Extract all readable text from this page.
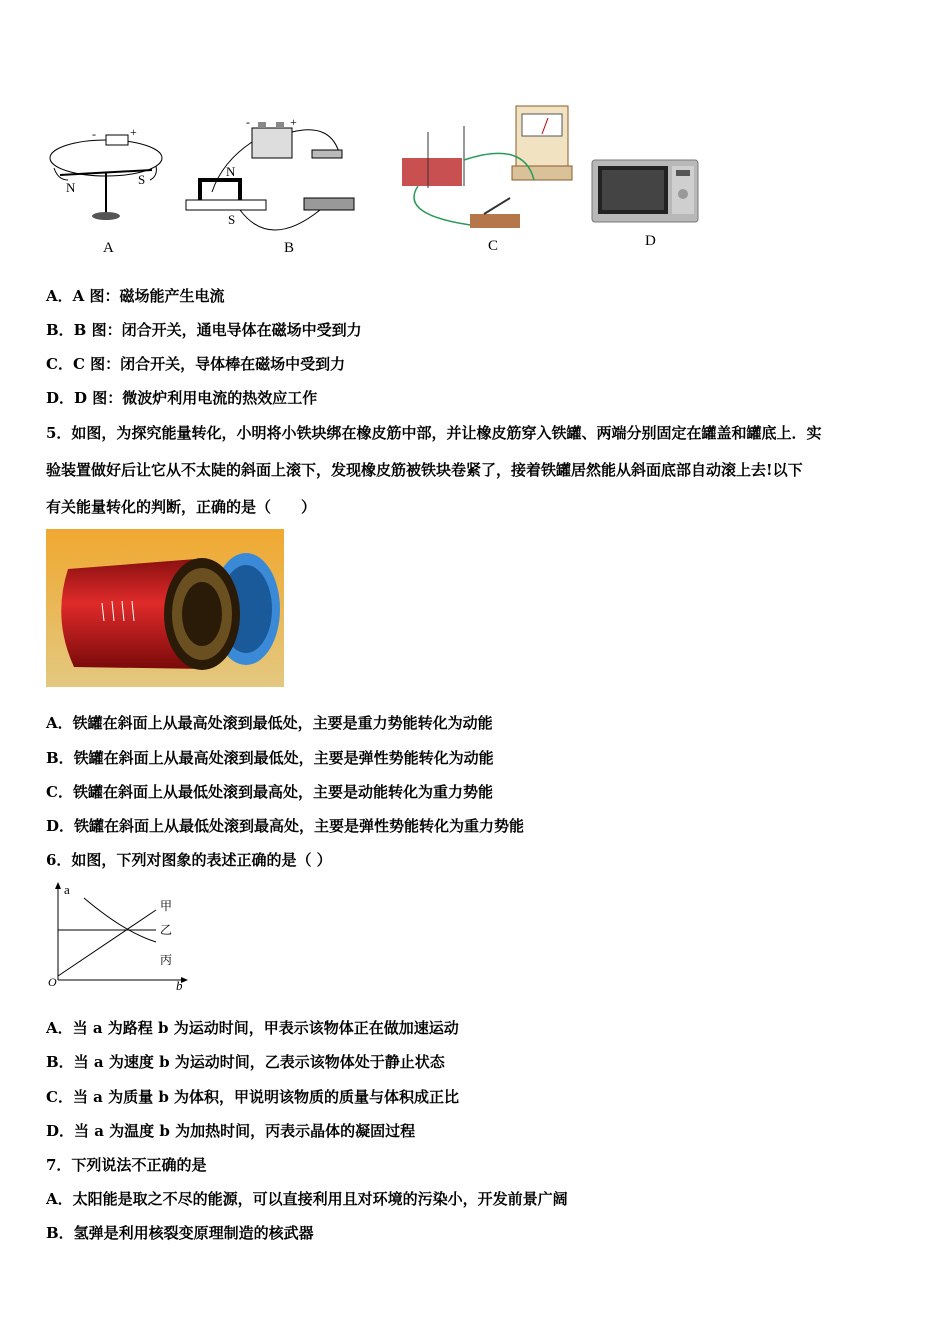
-	+
N
S
A
-	+
N
S
B	C	D
A．A 图：磁场能产生电流
B．B 图：闭合开关，通电导体在磁场中受到力
C．C 图：闭合开关，导体棒在磁场中受到力
D．D 图：微波炉利用电流的热效应工作
5．如图，为探究能量转化，小明将小铁块绑在橡皮筋中部，并让橡皮筋穿入铁罐、两端分别固定在罐盖和罐底上．实
验装置做好后让它从不太陡的斜面上滚下，发现橡皮筋被铁块卷紧了，接着铁罐居然能从斜面底部自动滚上去!以下
有关能量转化的判断，正确的是（　　）
A．铁罐在斜面上从最高处滚到最低处，主要是重力势能转化为动能
B．铁罐在斜面上从最高处滚到最低处，主要是弹性势能转化为动能
C．铁罐在斜面上从最低处滚到最高处，主要是动能转化为重力势能
D．铁罐在斜面上从最低处滚到最高处，主要是弹性势能转化为重力势能
6．如图，下列对图象的表述正确的是（ ）
a
b
O
甲
乙
丙
A．当 a 为路程 b 为运动时间，甲表示该物体正在做加速运动
B．当 a 为速度 b 为运动时间，乙表示该物体处于静止状态
C．当 a 为质量 b 为体积，甲说明该物质的质量与体积成正比
D．当 a 为温度 b 为加热时间，丙表示晶体的凝固过程
7．下列说法不正确的是
A．太阳能是取之不尽的能源，可以直接利用且对环境的污染小，开发前景广阔
B．氢弹是利用核裂变原理制造的核武器
